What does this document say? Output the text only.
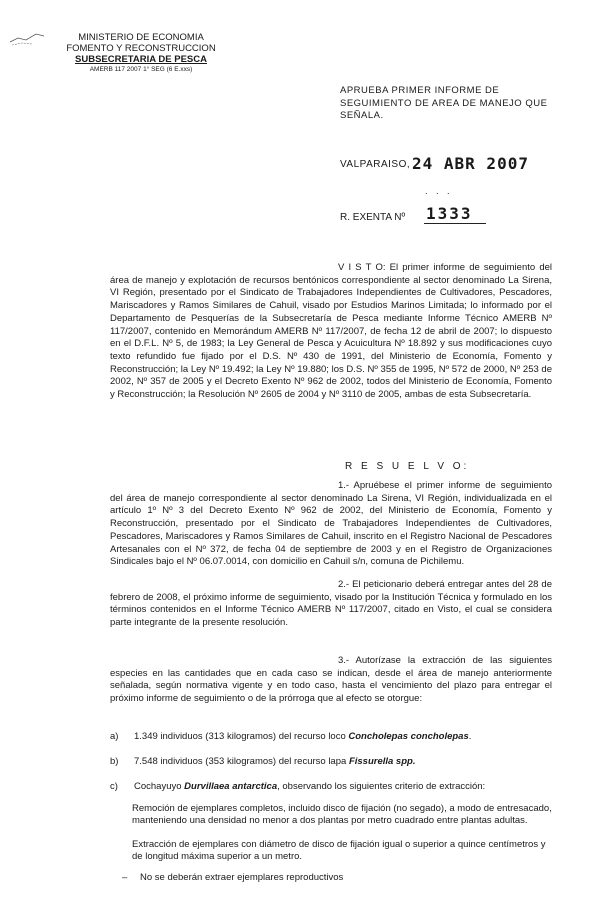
MINISTERIO DE ECONOMIA
FOMENTO Y RECONSTRUCCION
SUBSECRETARIA DE PESCA
AMERB 117 2007 1° SEG (6 E.xxs)
APRUEBA PRIMER INFORME DE SEGUIMIENTO DE AREA DE MANEJO QUE SEÑALA.
VALPARAISO, 24 ABR 2007
. . .
R. EXENTA Nº 1333
V I S T O: El primer informe de seguimiento del área de manejo y explotación de recursos bentónicos correspondiente al sector denominado La Sirena, VI Región, presentado por el Sindicato de Trabajadores Independientes de Cultivadores, Pescadores, Mariscadores y Ramos Similares de Cahuil, visado por Estudios Marinos Limitada; lo informado por el Departamento de Pesquerías de la Subsecretaría de Pesca mediante Informe Técnico AMERB Nº 117/2007, contenido en Memorándum AMERB Nº 117/2007, de fecha 12 de abril de 2007; lo dispuesto en el D.F.L. Nº 5, de 1983; la Ley General de Pesca y Acuicultura Nº 18.892 y sus modificaciones cuyo texto refundido fue fijado por el D.S. Nº 430 de 1991, del Ministerio de Economía, Fomento y Reconstrucción; la Ley Nº 19.492; la Ley Nº 19.880; los D.S. Nº 355 de 1995, Nº 572 de 2000, Nº 253 de 2002, Nº 357 de 2005 y el Decreto Exento Nº 962 de 2002, todos del Ministerio de Economía, Fomento y Reconstrucción; la Resolución Nº 2605 de 2004 y Nº 3110 de 2005, ambas de esta Subsecretaría.
R E S U E L V O:
1.- Apruébese el primer informe de seguimiento del área de manejo correspondiente al sector denominado La Sirena, VI Región, individualizada en el artículo 1º Nº 3 del Decreto Exento Nº 962 de 2002, del Ministerio de Economía, Fomento y Reconstrucción, presentado por el Sindicato de Trabajadores Independientes de Cultivadores, Pescadores, Mariscadores y Ramos Similares de Cahuil, inscrito en el Registro Nacional de Pescadores Artesanales con el Nº 372, de fecha 04 de septiembre de 2003 y en el Registro de Organizaciones Sindicales bajo el Nº 06.07.0014, con domicilio en Cahuil s/n, comuna de Pichilemu.
2.- El peticionario deberá entregar antes del 28 de febrero de 2008, el próximo informe de seguimiento, visado por la Institución Técnica y formulado en los términos contenidos en el Informe Técnico AMERB Nº 117/2007, citado en Visto, el cual se considera parte integrante de la presente resolución.
3.- Autorízase la extracción de las siguientes especies en las cantidades que en cada caso se indican, desde el área de manejo anteriormente señalada, según normativa vigente y en todo caso, hasta el vencimiento del plazo para entregar el próximo informe de seguimiento o de la prórroga que al efecto se otorgue:
a) 1.349 individuos (313 kilogramos) del recurso loco Concholepas concholepas.
b) 7.548 individuos (353 kilogramos) del recurso lapa Fissurella spp.
c) Cochayuyo Durvillaea antarctica, observando los siguientes criterio de extracción:
Remoción de ejemplares completos, incluido disco de fijación (no segado), a modo de entresacado, manteniendo una densidad no menor a dos plantas por metro cuadrado entre plantas adultas.
Extracción de ejemplares con diámetro de disco de fijación igual o superior a quince centímetros y de longitud máxima superior a un metro.
– No se deberán extraer ejemplares reproductivos
